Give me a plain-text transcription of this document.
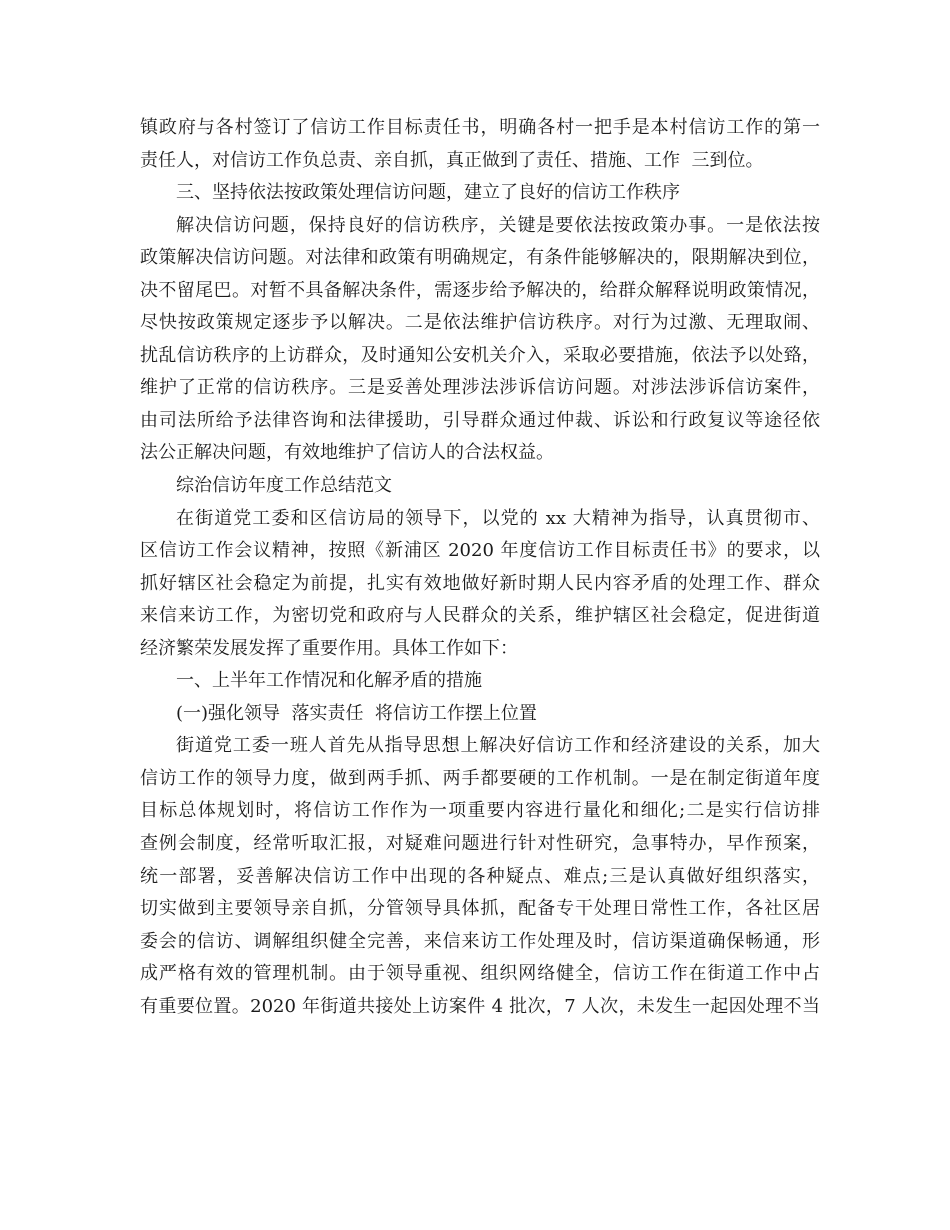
镇政府与各村签订了信访工作目标责任书，明确各村一把手是本村信访工作的第一
责任人，对信访工作负总责、亲自抓，真正做到了责任、措施、工作  三到位。
三、坚持依法按政策处理信访问题，建立了良好的信访工作秩序
解决信访问题，保持良好的信访秩序，关键是要依法按政策办事。一是依法按
政策解决信访问题。对法律和政策有明确规定，有条件能够解决的，限期解决到位，
决不留尾巴。对暂不具备解决条件，需逐步给予解决的，给群众解释说明政策情况，
尽快按政策规定逐步予以解决。二是依法维护信访秩序。对行为过激、无理取闹、
扰乱信访秩序的上访群众，及时通知公安机关介入，采取必要措施，依法予以处臵，
维护了正常的信访秩序。三是妥善处理涉法涉诉信访问题。对涉法涉诉信访案件，
由司法所给予法律咨询和法律援助，引导群众通过仲裁、诉讼和行政复议等途径依
法公正解决问题，有效地维护了信访人的合法权益。
综治信访年度工作总结范文
在街道党工委和区信访局的领导下，以党的 xx 大精神为指导，认真贯彻市、
区信访工作会议精神，按照《新浦区 2020 年度信访工作目标责任书》的要求，以
抓好辖区社会稳定为前提，扎实有效地做好新时期人民内容矛盾的处理工作、群众
来信来访工作，为密切党和政府与人民群众的关系，维护辖区社会稳定，促进街道
经济繁荣发展发挥了重要作用。具体工作如下：
一、上半年工作情况和化解矛盾的措施
(一)强化领导  落实责任  将信访工作摆上位置
街道党工委一班人首先从指导思想上解决好信访工作和经济建设的关系，加大
信访工作的领导力度，做到两手抓、两手都要硬的工作机制。一是在制定街道年度
目标总体规划时，将信访工作作为一项重要内容进行量化和细化;二是实行信访排
查例会制度，经常听取汇报，对疑难问题进行针对性研究，急事特办，早作预案，
统一部署，妥善解决信访工作中出现的各种疑点、难点;三是认真做好组织落实，
切实做到主要领导亲自抓，分管领导具体抓，配备专干处理日常性工作，各社区居
委会的信访、调解组织健全完善，来信来访工作处理及时，信访渠道确保畅通，形
成严格有效的管理机制。由于领导重视、组织网络健全，信访工作在街道工作中占
有重要位置。2020 年街道共接处上访案件 4 批次，7 人次，未发生一起因处理不当
